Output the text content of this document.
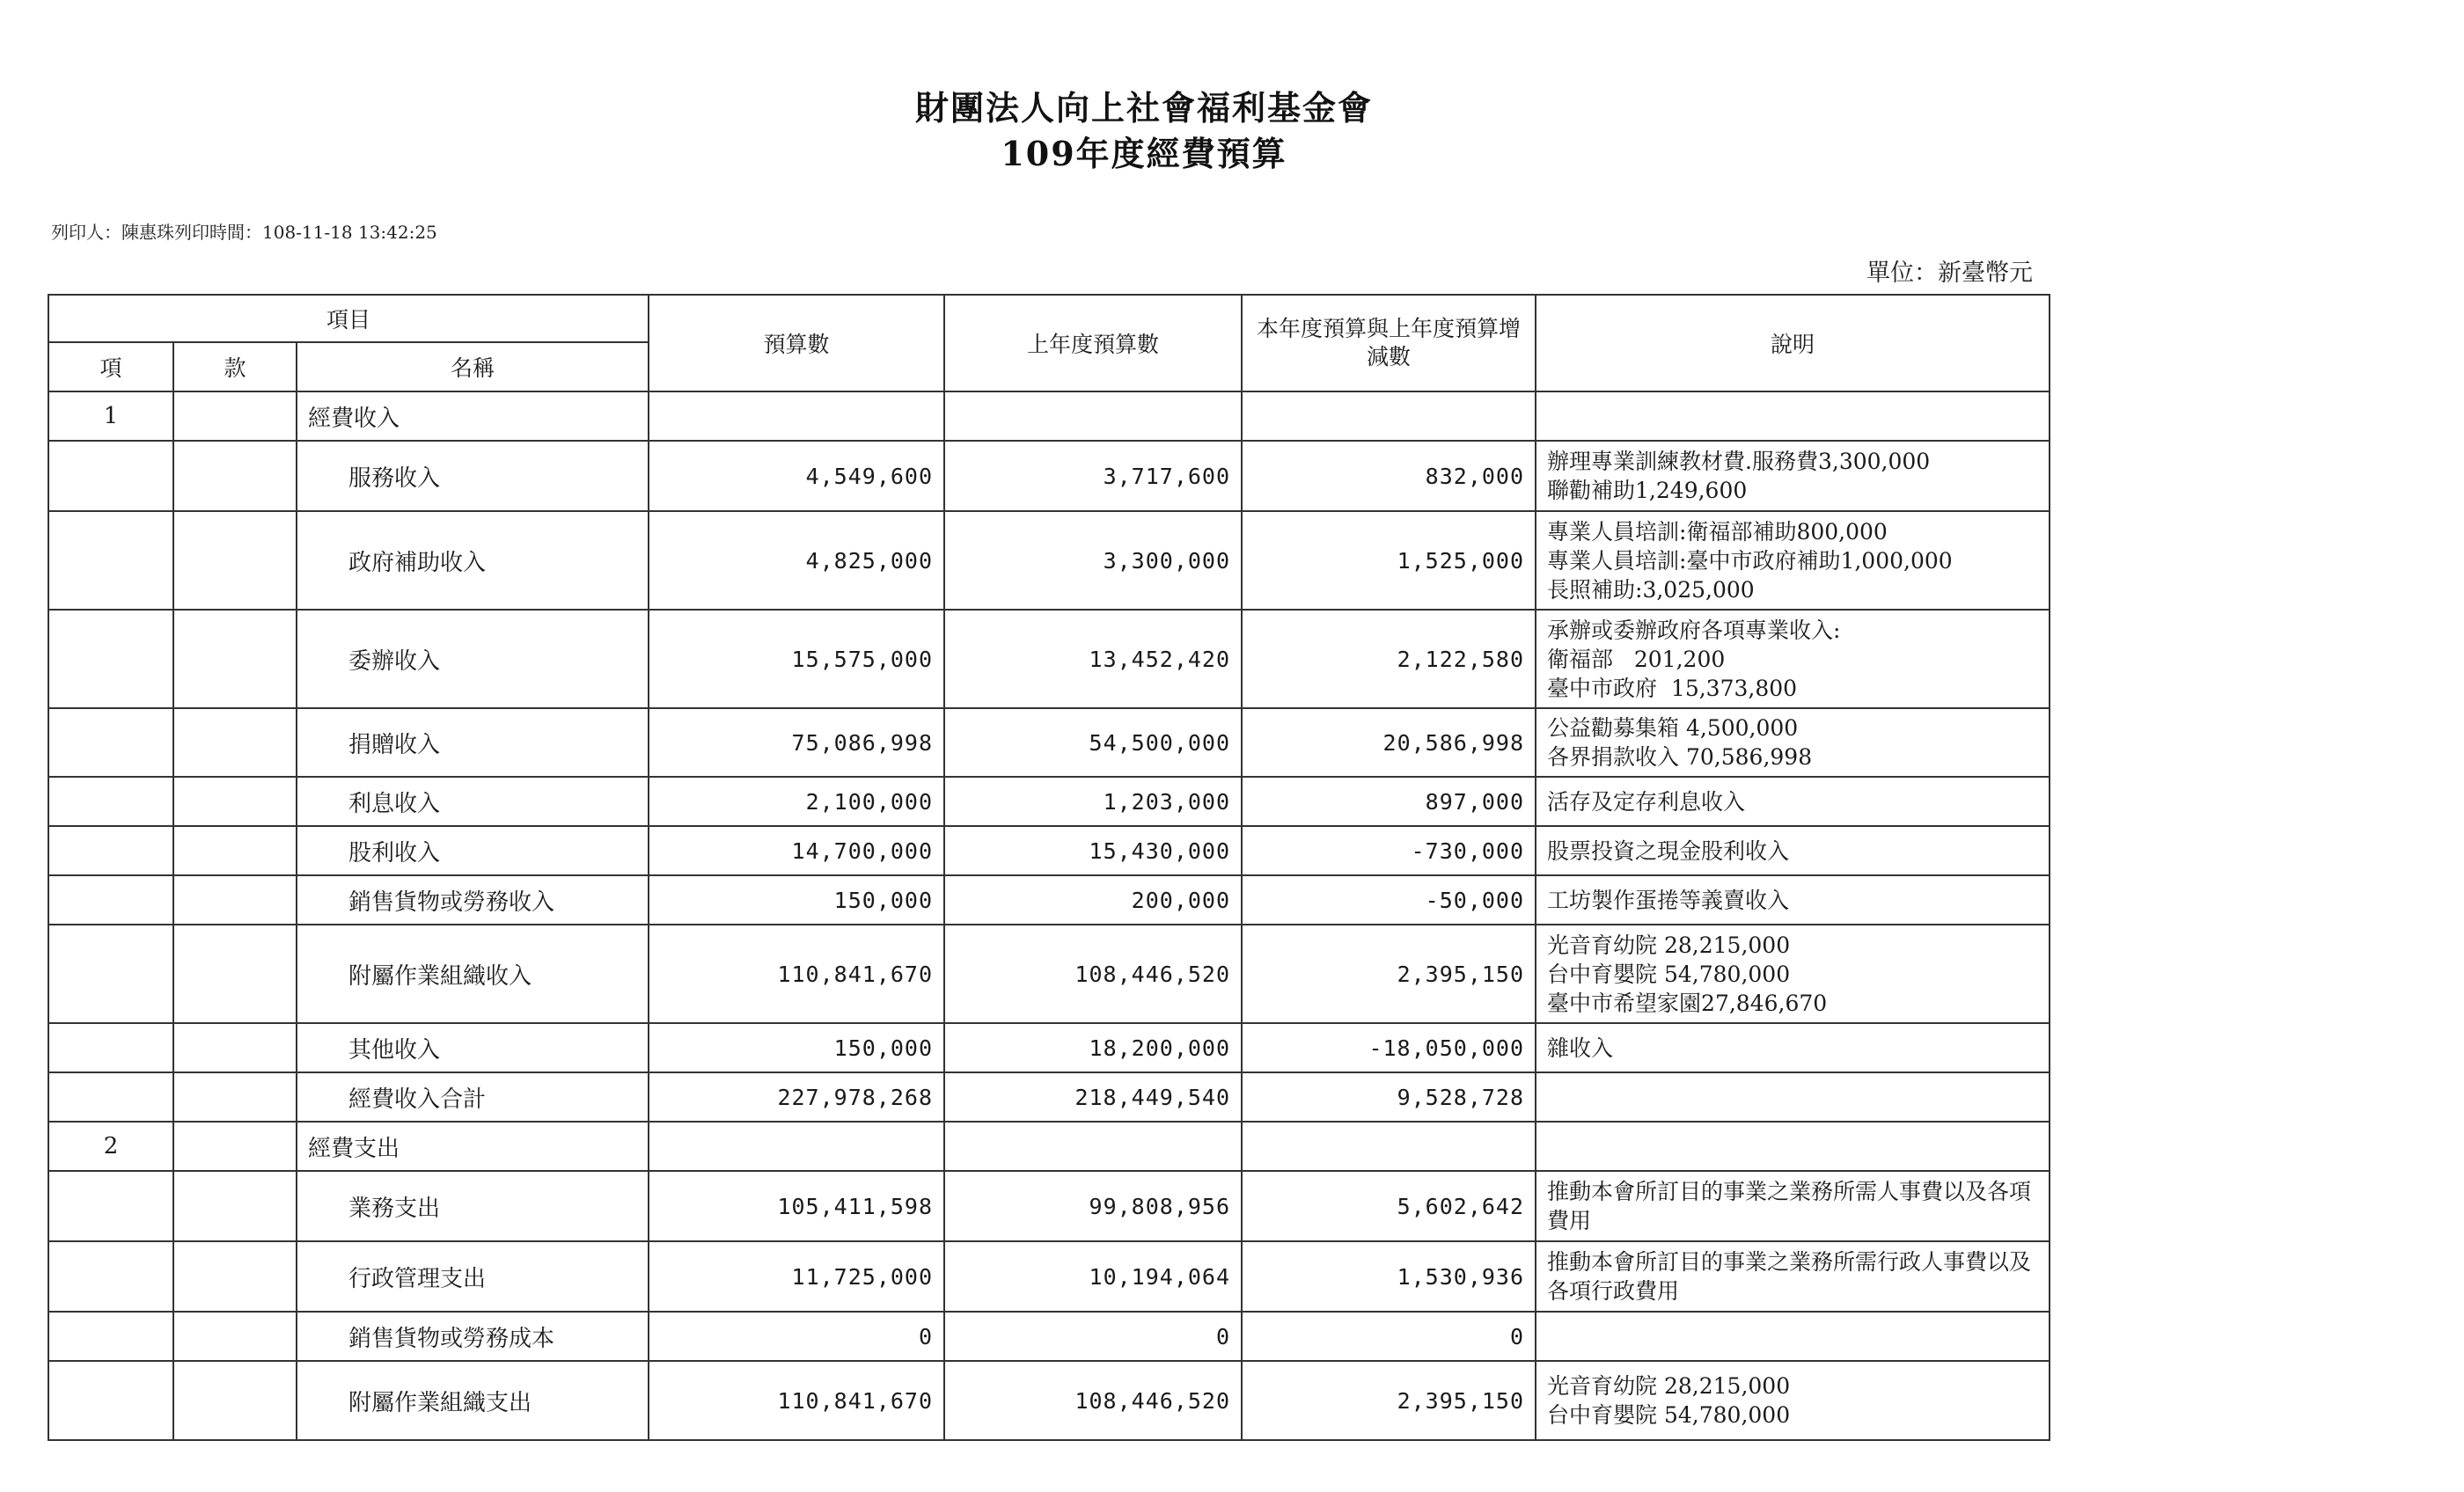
財團法人向上社會福利基金會
109年度經費預算
列印人：陳惠珠列印時間：108-11-18 13:42:25
單位：新臺幣元
項目			預算數	上年度預算數	本年度預算與上年度預算增減數	說明
項	款	名稱				
1		經費收入				
		服務收入	4,549,600	3,717,600	832,000	辦理專業訓練教材費.服務費3,300,000
聯勸補助1,249,600

		政府補助收入	4,825,000	3,300,000	1,525,000	專業人員培訓:衛福部補助800,000
專業人員培訓:臺中市政府補助1,000,000
長照補助:3,025,000

		委辦收入	15,575,000	13,452,420	2,122,580	承辦或委辦政府各項專業收入:
衛福部   201,200
臺中市政府  15,373,800

		捐贈收入	75,086,998	54,500,000	20,586,998	公益勸募集箱 4,500,000
各界捐款收入 70,586,998

		利息收入	2,100,000	1,203,000	897,000	活存及定存利息收入

		股利收入	14,700,000	15,430,000	-730,000	股票投資之現金股利收入

		銷售貨物或勞務收入	150,000	200,000	-50,000	工坊製作蛋捲等義賣收入

		附屬作業組織收入	110,841,670	108,446,520	2,395,150	光音育幼院 28,215,000
台中育嬰院 54,780,000
臺中市希望家園27,846,670

		其他收入	150,000	18,200,000	-18,050,000	雜收入

		經費收入合計	227,978,268	218,449,540	9,528,728	
2		經費支出				
		業務支出	105,411,598	99,808,956	5,602,642	推動本會所訂目的事業之業務所需人事費以及各項費用

		行政管理支出	11,725,000	10,194,064	1,530,936	推動本會所訂目的事業之業務所需行政人事費以及各項行政費用

		銷售貨物或勞務成本	0	0	0	
		附屬作業組織支出	110,841,670	108,446,520	2,395,150	光音育幼院 28,215,000
台中育嬰院 54,780,000
